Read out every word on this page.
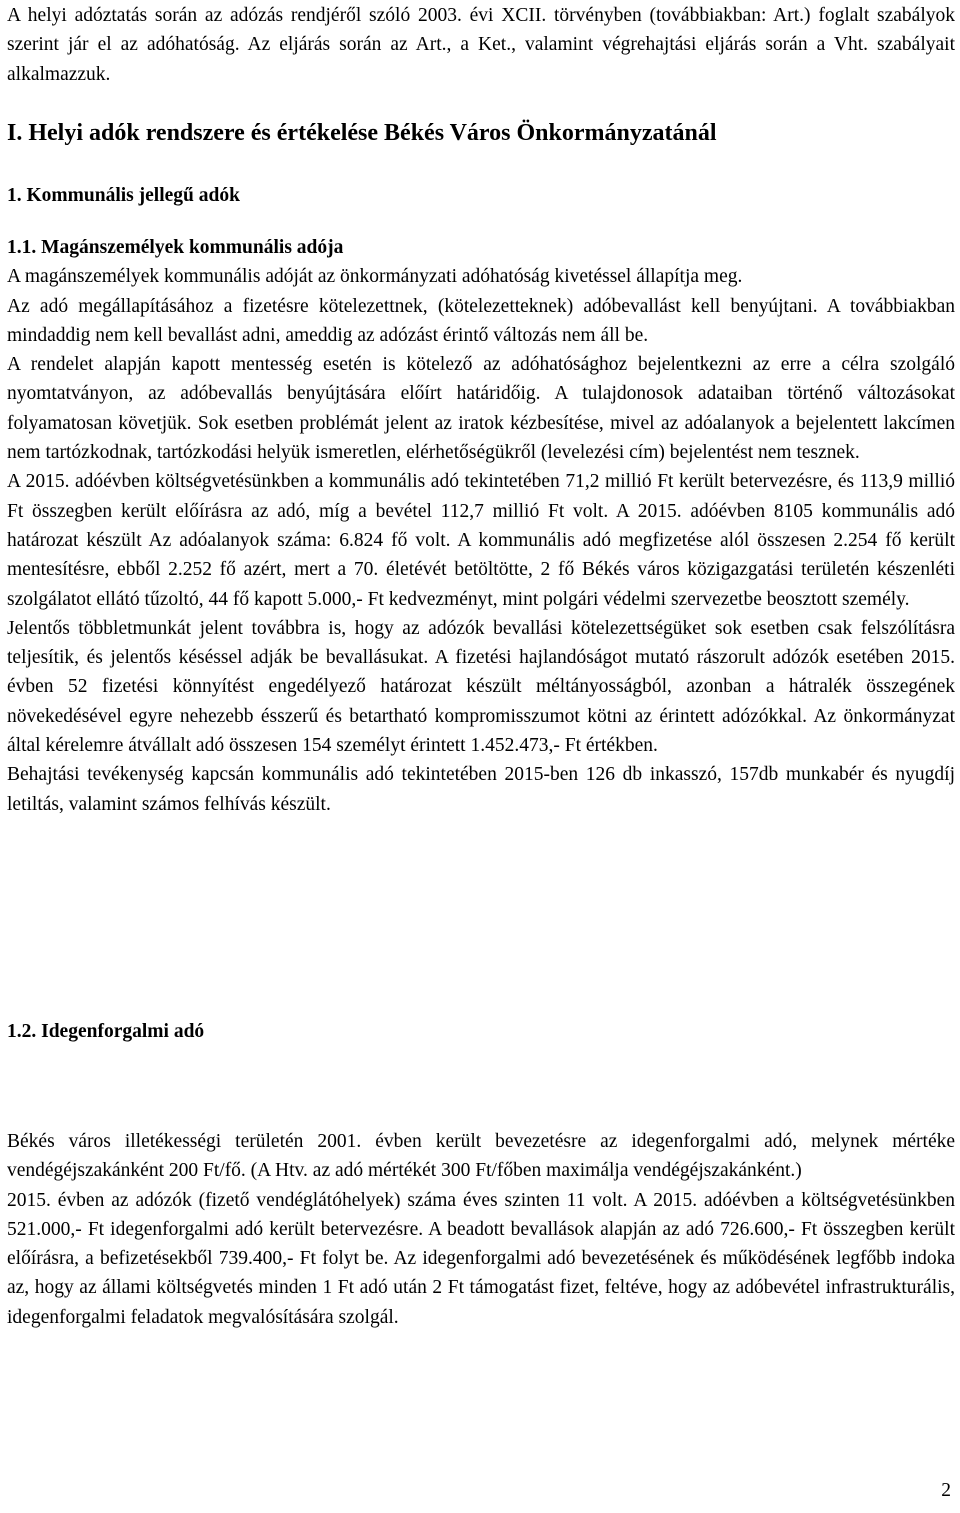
A helyi adóztatás során az adózás rendjéről szóló 2003. évi XCII. törvényben (továbbiakban: Art.) foglalt szabályok szerint jár el az adóhatóság. Az eljárás során az Art., a Ket., valamint végrehajtási eljárás során a Vht. szabályait alkalmazzuk.
I. Helyi adók rendszere és értékelése Békés Város Önkormányzatánál
1. Kommunális jellegű adók
1.1. Magánszemélyek kommunális adója
A magánszemélyek kommunális adóját az önkormányzati adóhatóság kivetéssel állapítja meg.
Az adó megállapításához a fizetésre kötelezettnek, (kötelezetteknek) adóbevallást kell benyújtani. A továbbiakban mindaddig nem kell bevallást adni, ameddig az adózást érintő változás nem áll be.
A rendelet alapján kapott mentesség esetén is kötelező az adóhatósághoz bejelentkezni az erre a célra szolgáló nyomtatványon, az adóbevallás benyújtására előírt határidőig. A tulajdonosok adataiban történő változásokat folyamatosan követjük. Sok esetben problémát jelent az iratok kézbesítése, mivel az adóalanyok a bejelentett lakcímen nem tartózkodnak, tartózkodási helyük ismeretlen, elérhetőségükről (levelezési cím) bejelentést nem tesznek.
A 2015. adóévben költségvetésünkben a kommunális adó tekintetében 71,2 millió Ft került betervezésre, és 113,9 millió Ft összegben került előírásra az adó, míg a bevétel 112,7 millió Ft volt. A 2015. adóévben 8105 kommunális adó határozat készült Az adóalanyok száma: 6.824 fő volt. A kommunális adó megfizetése alól összesen 2.254 fő került mentesítésre, ebből 2.252 fő azért, mert a 70. életévét betöltötte, 2 fő Békés város közigazgatási területén készenléti szolgálatot ellátó tűzoltó, 44 fő kapott 5.000,- Ft kedvezményt, mint polgári védelmi szervezetbe beosztott személy.
Jelentős többletmunkát jelent továbbra is, hogy az adózók bevallási kötelezettségüket sok esetben csak felszólításra teljesítik, és jelentős késéssel adják be bevallásukat. A fizetési hajlandóságot mutató rászorult adózók esetében 2015. évben 52 fizetési könnyítést engedélyező határozat készült méltányosságból, azonban a hátralék összegének növekedésével egyre nehezebb ésszerű és betartható kompromisszumot kötni az érintett adózókkal. Az önkormányzat által kérelemre átvállalt adó összesen 154 személyt érintett 1.452.473,- Ft értékben.
Behajtási tevékenység kapcsán kommunális adó tekintetében 2015-ben 126 db inkasszó, 157db munkabér és nyugdíj letiltás, valamint számos felhívás készült.
1.2. Idegenforgalmi adó
Békés város illetékességi területén 2001. évben került bevezetésre az idegenforgalmi adó, melynek mértéke vendégéjszakánként 200 Ft/fő. (A Htv. az adó mértékét 300 Ft/főben maximálja vendégéjszakánként.)
2015. évben az adózók (fizető vendéglátóhelyek) száma éves szinten 11 volt. A 2015. adóévben a költségvetésünkben 521.000,- Ft idegenforgalmi adó került betervezésre. A beadott bevallások alapján az adó 726.600,- Ft összegben került előírásra, a befizetésekből 739.400,- Ft folyt be. Az idegenforgalmi adó bevezetésének és működésének legfőbb indoka az, hogy az állami költségvetés minden 1 Ft adó után 2 Ft támogatást fizet, feltéve, hogy az adóbevétel infrastrukturális, idegenforgalmi feladatok megvalósítására szolgál.
2
